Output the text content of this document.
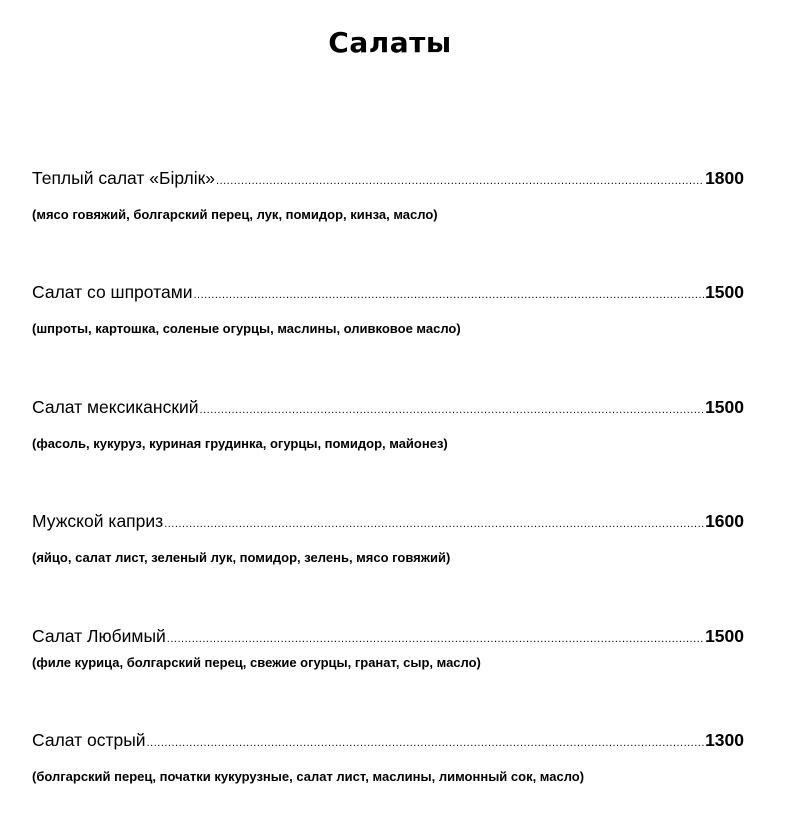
Салаты
Теплый салат «Бірлік» .....	1800
(мясо говяжий, болгарский перец, лук, помидор, кинза, масло)
Салат со шпротами .....	1500
(шпроты, картошка, соленые огурцы, маслины, оливковое масло)
Салат мексиканский .....	1500
(фасоль, кукуруз, куриная грудинка, огурцы, помидор, майонез)
Мужской каприз .....	1600
(яйцо, салат лист, зеленый лук, помидор, зелень, мясо говяжий)
Салат Любимый .....	1500
(филе курица, болгарский перец, свежие огурцы, гранат, сыр, масло)
Салат острый .....	1300
(болгарский перец, початки кукурузные, салат лист, маслины, лимонный сок, масло)
